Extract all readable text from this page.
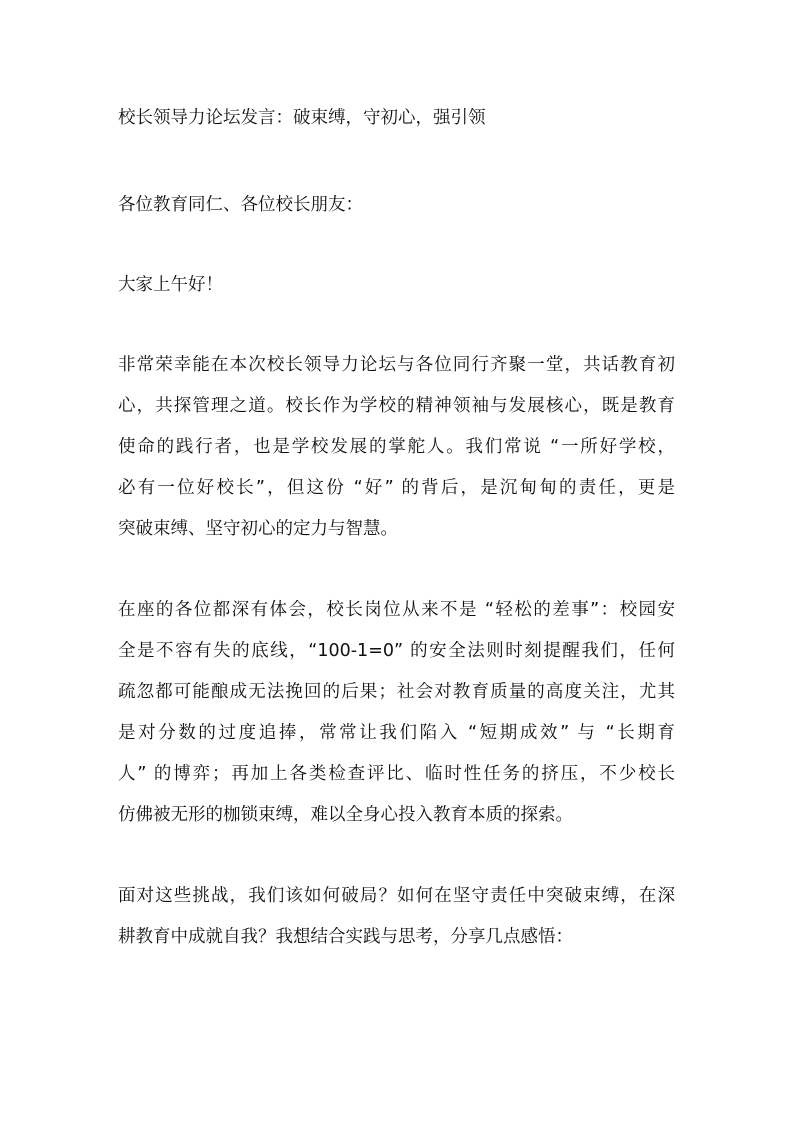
校长领导力论坛发言：破束缚，守初心，强引领
各位教育同仁、各位校长朋友：
大家上午好！
非常荣幸能在本次校长领导力论坛与各位同行齐聚一堂，共话教育初
心，共探管理之道。校长作为学校的精神领袖与发展核心，既是教育
使命的践行者，也是学校发展的掌舵人。我们常说 “一所好学校，
必有一位好校长”，但这份 “好” 的背后，是沉甸甸的责任，更是
突破束缚、坚守初心的定力与智慧。
在座的各位都深有体会，校长岗位从来不是 “轻松的差事”：校园安
全是不容有失的底线，“100-1=0” 的安全法则时刻提醒我们，任何
疏忽都可能酿成无法挽回的后果；社会对教育质量的高度关注，尤其
是对分数的过度追捧，常常让我们陷入 “短期成效” 与 “长期育
人” 的博弈；再加上各类检查评比、临时性任务的挤压，不少校长
仿佛被无形的枷锁束缚，难以全身心投入教育本质的探索。
面对这些挑战，我们该如何破局？如何在坚守责任中突破束缚，在深
耕教育中成就自我？我想结合实践与思考，分享几点感悟：
